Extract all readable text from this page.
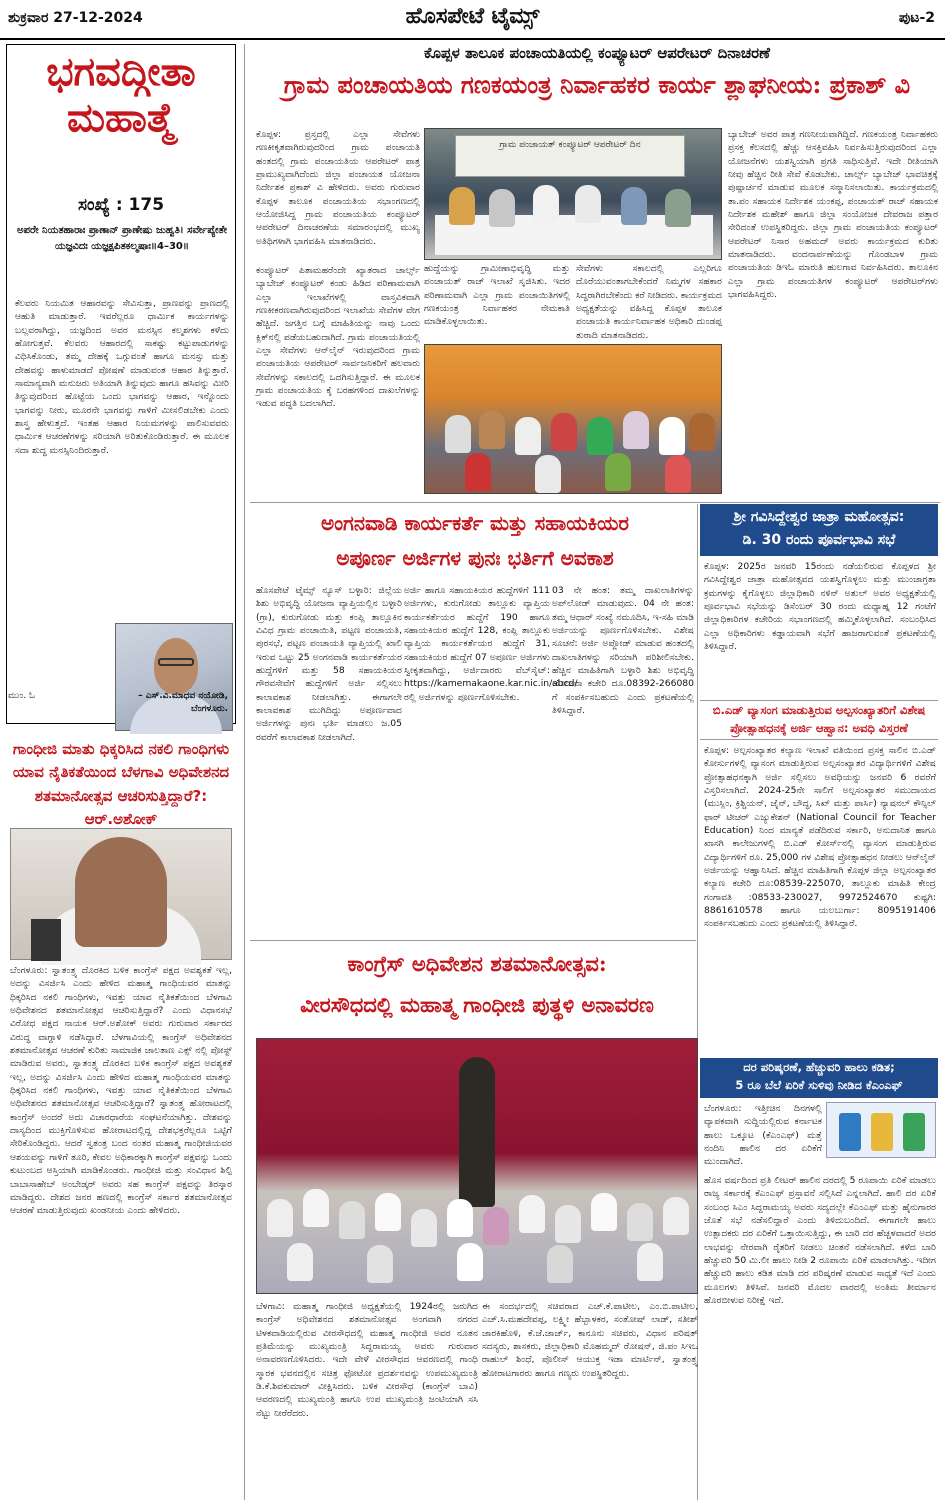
ಶುಕ್ರವಾರ 27-12-2024	ಹೊಸಪೇಟೆ ಟೈಮ್ಸ್	ಪುಟ-2
ಭಗವದ್ಗೀತಾ
ಮಹಾತ್ಮೆ
ಸಂಖ್ಯೆ : 175
ಅಪರೇ ನಿಯತಹಾರಾಃ ಪ್ರಾಣಾನ್ ಪ್ರಾಣೇಷು ಜುಹ್ವತಿ। ಸರ್ವೇಪ್ಯೇತೇ ಯಜ್ಞವಿದಃ ಯಜ್ಞಕ್ಷಪಿತಕಲ್ಮಷಾಃ॥4–30॥
ಕೆಲವರು ನಿಯಮಿತ ಆಹಾರವನ್ನು ಸೇವಿಸುತ್ತಾ, ಪ್ರಾಣವನ್ನು ಪ್ರಾಣದಲ್ಲಿ ಆಹುತಿ ಮಾಡುತ್ತಾರೆ. ಇವರೆಲ್ಲರೂ ಧಾರ್ಮಿಕ ಕಾರ್ಯಗಳನ್ನು ಬಲ್ಲವರಾಗಿದ್ದು, ಯಜ್ಞದಿಂದ ಅವರ ಮನಸ್ಸಿನ ಕಲ್ಮಶಗಳು ಕಳೆದು ಹೋಗುತ್ತವೆ. ಕೆಲವರು ಆಹಾರದಲ್ಲಿ ಸಾಕಷ್ಟು ಕಟ್ಟುಪಾಡುಗಳನ್ನು ವಿಧಿಸಿಕೊಂಡು, ತಮ್ಮ ದೇಹಕ್ಕೆ ಒಗ್ಗುವಂತೆ ಹಾಗೂ ಮನಸ್ಸು ಮತ್ತು ದೇಹವನ್ನು ಹಾಳುಮಾಡದೆ ಪೋಷಣೆ ಮಾಡುವಂತ ಆಹಾರ ತಿನ್ನುತ್ತಾರೆ. ಸಾಮಾನ್ಯವಾಗಿ ಮನುಜರು ಅತಿಯಾಗಿ ತಿನ್ನುವುದು ಹಾಗೂ ಹಸಿವನ್ನು ಮೀರಿ ತಿನ್ನುವುದರಿಂದ ಹೊಟ್ಟೆಯ ಒಂದು ಭಾಗವನ್ನು ಆಹಾರ, ಇನ್ನೊಂದು ಭಾಗವನ್ನು ನೀರು, ಮೂರನೇ ಭಾಗವನ್ನು ಗಾಳಿಗೆ ಮೀಸಲಿಡಬೇಕು ಎಂದು ಶಾಸ್ತ್ರ ಹೇಳುತ್ತದೆ. ಇಂತಹ ಆಹಾರ ನಿಯಮಗಳನ್ನು ಪಾಲಿಸುವವರು ಧಾರ್ಮಿಕ ಆಚರಣೆಗಳನ್ನು ಸರಿಯಾಗಿ ಅರಿತುಕೊಂಡಿರುತ್ತಾರೆ. ಈ ಮೂಲಕ ಸದಾ ಶುದ್ಧ ಮನಸ್ಸಿನಿಂದಿರುತ್ತಾರೆ.
ಮುಂ. ಓ	– ಎಸ್.ವಿ.ಮಾಧವ ನಯೋಡಿ,
ಬೆಂಗಳೂರು.
ಗಾಂಧೀಜಿ ಮಾತು ಧಿಕ್ಕರಿಸಿದ ನಕಲಿ ಗಾಂಧಿಗಳು ಯಾವ ನೈತಿಕತೆಯಿಂದ ಬೆಳಗಾವಿ ಅಧಿವೇಶನದ ಶತಮಾನೋತ್ಸವ ಆಚರಿಸುತ್ತಿದ್ದಾರೆ?: ಆರ್.ಅಶೋಕ್
ಬೆಂಗಳೂರು: ಸ್ವಾತಂತ್ರ್ಯ ದೊರಕಿದ ಬಳಿಕ ಕಾಂಗ್ರೆಸ್ ಪಕ್ಷದ ಅವಶ್ಯಕತೆ ಇಲ್ಲ, ಅದನ್ನು ವಿಸರ್ಜಿಸಿ ಎಂದು ಹೇಳಿದ ಮಹಾತ್ಮ ಗಾಂಧಿಯವರ ಮಾತನ್ನು ಧಿಕ್ಕರಿಸಿದ ನಕಲಿ ಗಾಂಧಿಗಳು, ಇವತ್ತು ಯಾವ ನೈತಿಕತೆಯಿಂದ ಬೆಳಗಾವಿ ಅಧಿವೇಶನದ ಶತಮಾನೋತ್ಸವ ಆಚರಿಸುತ್ತಿದ್ದಾರೆ? ಎಂದು ವಿಧಾನಸಭೆ ವಿರೋಧ ಪಕ್ಷದ ನಾಯಕ ಆರ್.ಅಶೋಕ್ ಅವರು ಗುರುವಾರ ಸರ್ಕಾರದ ವಿರುದ್ಧ ವಾಗ್ದಾಳಿ ನಡೆಸಿದ್ದಾರೆ. ಬೆಳಗಾವಿಯಲ್ಲಿ ಕಾಂಗ್ರೆಸ್ ಅಧಿವೇಶನದ ಶತಮಾನೋತ್ಸವ ಆಚರಣೆ ಕುರಿತು ಸಾಮಾಜಿಕ ಜಾಲತಾಣ ಎಕ್ಸ್ ನಲ್ಲಿ ಪೋಸ್ಟ್ ಮಾಡಿರುವ ಅವರು, ಸ್ವಾತಂತ್ರ್ಯ ದೊರಕಿದ ಬಳಿಕ ಕಾಂಗ್ರೆಸ್ ಪಕ್ಷದ ಅವಶ್ಯಕತೆ ಇಲ್ಲ, ಅದನ್ನು ವಿಸರ್ಜಿಸಿ ಎಂದು ಹೇಳಿದ ಮಹಾತ್ಮ ಗಾಂಧಿಯವರ ಮಾತನ್ನು ಧಿಕ್ಕರಿಸಿದ ನಕಲಿ ಗಾಂಧಿಗಳು, ಇವತ್ತು ಯಾವ ನೈತಿಕತೆಯಿಂದ ಬೆಳಗಾವಿ ಅಧಿವೇಶನದ ಶತಮಾನೋತ್ಸವ ಆಚರಿಸುತ್ತಿದ್ದಾರೆ? ಸ್ವಾತಂತ್ರ್ಯ ಹೋರಾಟದಲ್ಲಿ ಕಾಂಗ್ರೆಸ್ ಅಂದರೆ ಅದು ವಿಚಾರಧಾರೆಯ ಸಂಘಟನೆಯಾಗಿತ್ತು. ದೇಶವನ್ನು ದಾಸ್ಯದಿಂದ ಮುಕ್ತಿಗೊಳಿಸುವ ಹೋರಾಟದಲ್ಲಿದ್ದ ದೇಶಭಕ್ತರೆಲ್ಲರೂ ಒಟ್ಟಿಗೆ ಸೇರಿಕೊಂಡಿದ್ದರು. ಆದರೆ ಸ್ವತಂತ್ರ ಬಂದ ನಂತರ ಮಹಾತ್ಮ ಗಾಂಧೀಜಿಯವರ ಆಶಯವನ್ನು ಗಾಳಿಗೆ ತೂರಿ, ಕೇವಲ ಅಧಿಕಾರಕ್ಕಾಗಿ ಕಾಂಗ್ರೆಸ್ ಪಕ್ಷವನ್ನು ಒಂದು ಕುಟುಂಬದ ಆಸ್ತಿಯಾಗಿ ಮಾಡಿಕೊಂಡರು. ಗಾಂಧೀಜಿ ಮತ್ತು ಸಂವಿಧಾನ ಶಿಲ್ಪಿ ಬಾಬಾಸಾಹೇಬ್ ಅಂಬೇಡ್ಕರ್ ಅವರು ಸಹ ಕಾಂಗ್ರೆಸ್ ಪಕ್ಷವನ್ನು ತಿರಸ್ಕಾರ ಮಾಡಿದ್ದರು. ದೇಶದ ಜನರ ಹಣದಲ್ಲಿ ಕಾಂಗ್ರೆಸ್ ಸರ್ಕಾರ ಶತಮಾನೋತ್ಸವ ಆಚರಣೆ ಮಾಡುತ್ತಿರುವುದು ಖಂಡನೀಯ ಎಂದು ಹೇಳಿದರು.
ಕೊಪ್ಪಳ ತಾಲೂಕ ಪಂಚಾಯತಿಯಲ್ಲಿ ಕಂಪ್ಯೂಟರ್ ಆಪರೇಟರ್ ದಿನಾಚರಣೆ
ಗ್ರಾಮ ಪಂಚಾಯತಿಯ ಗಣಕಯಂತ್ರ ನಿರ್ವಾಹಕರ ಕಾರ್ಯ ಶ್ಲಾಘನೀಯ: ಪ್ರಕಾಶ್ ವಿ
ಕೊಪ್ಪಳ: ಪ್ರಸ್ತದಲ್ಲಿ ಎಲ್ಲಾ ಸೇವೆಗಳು ಗಣಕೀಕೃತವಾಗಿರುವುದರಿಂದ ಗ್ರಾಮ ಪಂಚಾಯತಿ ಹಂತದಲ್ಲಿ ಗ್ರಾಮ ಪಂಚಾಯತಿಯ ಆಪರೇಟರ್ ಪಾತ್ರ ಪ್ರಾಮುಖ್ಯವಾಗಿದೆಂದು ಜಿಲ್ಲಾ ಪಂಚಾಯತ ಯೋಜನಾ ನಿರ್ದೇಶಕ ಪ್ರಕಾಶ್ ವಿ ಹೇಳಿದರು. ಅವರು ಗುರುವಾರ ಕೊಪ್ಪಳ ತಾಲೂಕ ಪಂಚಾಯತಿಯ ಸಭಾಂಗಣದಲ್ಲಿ ಆಯೋಜಿಸಿದ್ದ ಗ್ರಾಮ ಪಂಚಾಯತಿಯ ಕಂಪ್ಯೂಟರ್ ಆಪರೇಟರ್ ದಿನಾಚರಣೆಯ ಸಮಾರಂಭದಲ್ಲಿ ಮುಖ್ಯ ಅತಿಥಿಗಳಾಗಿ ಭಾಗವಹಿಸಿ ಮಾತನಾಡಿದರು.
ಗ್ರಾಮ ಪಂಚಾಯತ್ ಕಂಪ್ಯೂಟರ್ ಆಪರೇಟರ್ ದಿನ
ಕಂಪ್ಯೂಟರ್ ಪಿತಾಮಹರೆಂದೇ ಖ್ಯಾತರಾದ ಚಾರ್ಲ್ಸ್ ಬ್ಯಾಬೇಜ್ ಕಂಪ್ಯೂಟರ್ ಕಂಡು ಹಿಡಿದ ಪರಿಣಾಮವಾಗಿ ಎಲ್ಲಾ ಇಲಾಖೆಗಳಲ್ಲಿ ವಾಸ್ತವಿಕವಾಗಿ ಗಣಕೀಕರಣವಾಗಿರುವುದರಿಂದ ಇಲಾಖೆಯ ಸೇವೆಗಳ ವೇಗ ಹೆಚ್ಚಿದೆ. ಜಗತ್ತಿನ ಬಗ್ಗೆ ಮಾಹಿತಿಯನ್ನು ನಾವು ಒಂದು ಕ್ಲಿಕ್‌ನಲ್ಲಿ ಪಡೆಯಬಹುದಾಗಿದೆ. ಗ್ರಾಮ ಪಂಚಾಯತಿಯಲ್ಲಿ ಎಲ್ಲಾ ಸೇವೆಗಳು ಆನ್‌ಲೈನ್ ಇರುವುದರಿಂದ ಗ್ರಾಮ ಪಂಚಾಯತಿಯ ಆಪರೇಟರ್ ಸಾರ್ವಜನಿಕರಿಗೆ ಹಲವಾರು ಸೇವೆಗಳನ್ನು ಸಕಾಲದಲ್ಲಿ ಒದಗಿಸುತ್ತಿದ್ದಾರೆ. ಈ ಮೂಲಕ ಗ್ರಾಮ ಪಂಚಾಯತಿಯ ಕೈ ಬರಹಗಳಿಂದ ದಾಖಲೆಗಳನ್ನು ಇಡುವ ಪದ್ಧತಿ ಬದಲಾಗಿದೆ.
ಹುದ್ದೆಯನ್ನು ಗ್ರಾಮೀಣಾಭಿವೃದ್ಧಿ ಮತ್ತು ಪಂಚಾಯತ್ ರಾಜ್ ಇಲಾಖೆ ಸೃಜಿಸಿತು. ಇದರ ಪರಿಣಾಮವಾಗಿ ಎಲ್ಲಾ ಗ್ರಾಮ ಪಂಚಾಯಿತಿಗಳಲ್ಲಿ ಗಣಕಯಂತ್ರ ನಿರ್ವಾಹಕರ ನೇಮಕಾತಿ ಮಾಡಿಕೊಳ್ಳಲಾಯಿತು.
ಸೇವೆಗಳು ಸಕಾಲದಲ್ಲಿ ಎಲ್ಲರಿಗೂ ದೊರೆಯುವಂತಾಗಬೇಕೆಂದರೆ ನಿಮ್ಮಗಳ ಸಹಕಾರ ಸಿದ್ಧರಾಗಿರಬೇಕೆಂದು ಕರೆ ನೀಡಿದರು. ಕಾರ್ಯಕ್ರಮದ ಅಧ್ಯಕ್ಷತೆಯನ್ನು ವಹಿಸಿದ್ದ ಕೊಪ್ಪಳ ತಾಲೂಕ ಪಂಚಾಯತಿ ಕಾರ್ಯನಿರ್ವಾಹಕ ಅಧಿಕಾರಿ ದುಂಡಪ್ಪ ತುರಾದಿ ಮಾತನಾಡಿದರು.
ಬ್ಯಾಬೇಜ್ ಅವರ ಪಾತ್ರ ಗಣನೀಯವಾಗಿದ್ದಿದೆ. ಗಣಕಯಂತ್ರ ನಿರ್ವಾಹಕರು ಪ್ರಸಕ್ತ ಕೆಲಸದಲ್ಲಿ ಹೆಚ್ಚು ಆಸಕ್ತಿವಹಿಸಿ ನಿರ್ವಹಿಸುತ್ತಿರುವುದರಿಂದ ಎಲ್ಲಾ ಯೋಜನೆಗಳು ಯಶಸ್ವಿಯಾಗಿ ಪ್ರಗತಿ ಸಾಧಿಸುತ್ತಿವೆ. ಇದೇ ರೀತಿಯಾಗಿ ನೀವು ಹೆಚ್ಚಿನ ರೀತಿ ಸೇವೆ ಕೊಡಬೇಕು. ಚಾರ್ಲ್ಸ್ ಬ್ಯಾಬೇಜ್ ಭಾವಚಿತ್ರಕ್ಕೆ ಪುಷ್ಪಾರ್ಚನೆ ಮಾಡುವ ಮೂಲಕ ಸನ್ಮಾನಿಸಲಾಯಿತು. ಕಾರ್ಯಕ್ರಮದಲ್ಲಿ ತಾ.ಪಂ ಸಹಾಯಕ ನಿರ್ದೇಶಕ ಯಂಕಪ್ಪ, ಪಂಚಾಯತ್ ರಾಜ್ ಸಹಾಯಕ ನಿರ್ದೇಶಕ ಮಹೇಶ್ ಹಾಗೂ ಜಿಲ್ಲಾ ಸಂಯೋಜಕ ದೇವರಾಜ ಪತ್ತಾರ ಸೇರಿದಂತೆ ಉಪಸ್ಥಿತರಿದ್ದರು. ಜಿಲ್ಲಾ ಗ್ರಾಮ ಪಂಚಾಯತಿಯ ಕಂಪ್ಯೂಟರ್ ಆಪರೇಟರ್ ನಿಸಾರ ಅಹಮದ್ ಅವರು ಕಾರ್ಯಕ್ರಮದ ಕುರಿತು ಮಾತನಾಡಿದರು. ವಂದನಾರ್ಪಣೆಯನ್ನು ಗೊಂಡಬಾಳ ಗ್ರಾಮ ಪಂಚಾಯತಿಯ ಡಿಇಓ ಮಾರುತಿ ಹುಲಗಾವ ನಿರ್ವಹಿಸಿದರು. ತಾಲೂಕಿನ ಎಲ್ಲಾ ಗ್ರಾಮ ಪಂಚಾಯತಿಗಳ ಕಂಪ್ಯೂಟರ್ ಆಪರೇಟರ್‌ಗಳು ಭಾಗವಹಿಸಿದ್ದರು.
ಅಂಗನವಾಡಿ ಕಾರ್ಯಕರ್ತೆ ಮತ್ತು ಸಹಾಯಕಿಯರ
ಅಪೂರ್ಣ ಅರ್ಜಿಗಳ ಪುನಃ ಭರ್ತಿಗೆ ಅವಕಾಶ
ಹೊಸಪೇಟೆ ಟೈಮ್ಸ್ ನ್ಯೂಸ್ ಬಳ್ಳಾರಿ: ಜಿಲ್ಲೆಯ ಶಿಶು ಅಭಿವೃದ್ಧಿ ಯೋಜನಾ ವ್ಯಾಪ್ತಿಯಲ್ಲಿನ ಬಳ್ಳಾರಿ (ಗ್ರಾ), ಕುರುಗೋಡು ಮತ್ತು ಕಂಪ್ಲಿ ತಾಲ್ಲೂಕಿನ ವಿವಿಧ ಗ್ರಾಮ ಪಂಚಾಯಿತಿ, ಪಟ್ಟಣ ಪಂಚಾಯತಿ, ಪುರಸಭೆ, ಪಟ್ಟಣ ಪಂಚಾಯತಿ ವ್ಯಾಪ್ತಿಯಲ್ಲಿ ಖಾಲಿ ಇರುವ ಒಟ್ಟು 25 ಅಂಗನವಾಡಿ ಕಾರ್ಯಕರ್ತೆಯರ ಹುದ್ದೆಗಳಿಗೆ ಮತ್ತು 58 ಸಹಾಯಕಿಯರ ಗೌರವಸೇವೆಗೆ ಹುದ್ದೆಗಳಿಗೆ ಅರ್ಜಿ ಸಲ್ಲಿಸಲು ಕಾಲಾವಕಾಶ ನೀಡಲಾಗಿತ್ತು. ಈಗಾಗಲೇ ಕಾಲಾವಕಾಶ ಮುಗಿದಿದ್ದು ಅಪೂರ್ಣವಾದ ಅರ್ಜಿಗಳನ್ನು ಪುನಃ ಭರ್ತಿ ಮಾಡಲು ಜ.05 ರವರೆಗೆ ಕಾಲಾವಕಾಶ ನೀಡಲಾಗಿದೆ.
ಅರ್ಜಿ ಹಾಗೂ ಸಹಾಯಕಿಯರ ಹುದ್ದೆಗಳಿಗೆ 111 ಅರ್ಜಿಗಳು, ಕುರುಗೋಡು ತಾಲ್ಲೂಕು ವ್ಯಾಪ್ತಿಯ ಕಾರ್ಯಕರ್ತೆಯರ ಹುದ್ದೆಗೆ 190 ಹಾಗೂ ಸಹಾಯಕಿಯರ ಹುದ್ದೆಗೆ 128, ಕಂಪ್ಲಿ ತಾಲ್ಲೂಕು ವ್ಯಾಪ್ತಿಯ ಕಾರ್ಯಕರ್ತೆಯರ ಹುದ್ದೆಗೆ 31, ಸಹಾಯಕಿಯರ ಹುದ್ದೆಗೆ 07 ಅಪೂರ್ಣ ಅರ್ಜಿಗಳು ಸ್ವೀಕೃತವಾಗಿದ್ದು, ಅರ್ಜಿದಾರರು ವೆಬ್‌ಸೈಟ್: https://kamemakaone.kar.nic.in/abcd/ ರಲ್ಲಿ ಅರ್ಜಿಗಳನ್ನು ಪೂರ್ಣಗೊಳಿಸಬೇಕು.
03 ನೇ ಹಂತ: ತಮ್ಮ ದಾಖಲಾತಿಗಳನ್ನು ಅಪ್‌ಲೋಡ್ ಮಾಡುವುದು. 04 ನೇ ಹಂತ: ತಮ್ಮ ಆಧಾರ್ ಸಂಖ್ಯೆ ನಮೂದಿಸಿ, ಇ-ಸಹಿ ಮಾಡಿ ಅರ್ಜಿಯನ್ನು ಪೂರ್ಣಗೊಳಿಸಬೇಕು. ವಿಶೇಷ ಸೂಚನೆ: ಅರ್ಜಿ ಅಪ್ಲೋಡ್ ಮಾಡುವ ಹಂತದಲ್ಲಿ ದಾಖಲಾತಿಗಳನ್ನು ಸರಿಯಾಗಿ ಪರಿಶೀಲಿಸಬೇಕು. ಹೆಚ್ಚಿನ ಮಾಹಿತಿಗಾಗಿ ಬಳ್ಳಾರಿ ಶಿಶು ಅಭಿವೃದ್ಧಿ ಯೋಜನಾ ಕಚೇರಿ ದೂ.08392-266080 ಗೆ ಸಂಪರ್ಕಿಸಬಹುದು ಎಂದು ಪ್ರಕಟಣೆಯಲ್ಲಿ ತಿಳಿಸಿದ್ದಾರೆ.
ಶ್ರೀ ಗವಿಸಿದ್ದೇಶ್ವರ ಜಾತ್ರಾ ಮಹೋತ್ಸವ:
ಡಿ. 30 ರಂದು ಪೂರ್ವಭಾವಿ ಸಭೆ
ಕೊಪ್ಪಳ: 2025ರ ಜನವರಿ 15ರಂದು ನಡೆಯಲಿರುವ ಕೊಪ್ಪಳದ ಶ್ರೀ ಗವಿಸಿದ್ದೇಶ್ವರ ಜಾತ್ರಾ ಮಹೋತ್ಸವದ ಯಶಸ್ವಿಗೊಳ್ಳಲು ಮತ್ತು ಮುಂಜಾಗ್ರತಾ ಕ್ರಮಗಳನ್ನು ಕೈಗೊಳ್ಳಲು ಜಿಲ್ಲಾಧಿಕಾರಿ ನಳಿನ್ ಅತುಲ್ ಅವರ ಅಧ್ಯಕ್ಷತೆಯಲ್ಲಿ ಪೂರ್ವಭಾವಿ ಸಭೆಯನ್ನು ಡಿಸೆಂಬರ್ 30 ರಂದು ಮಧ್ಯಾಹ್ನ 12 ಗಂಟೆಗೆ ಜಿಲ್ಲಾಧಿಕಾರಿಗಳ ಕಚೇರಿಯ ಸಭಾಂಗಣದಲ್ಲಿ ಹಮ್ಮಿಕೊಳ್ಳಲಾಗಿದೆ. ಸಂಬಂಧಿಸಿದ ಎಲ್ಲಾ ಅಧಿಕಾರಿಗಳು ಕಡ್ಡಾಯವಾಗಿ ಸಭೆಗೆ ಹಾಜರಾಗುವಂತೆ ಪ್ರಕಟಣೆಯಲ್ಲಿ ತಿಳಿಸಿದ್ದಾರೆ.
ಬಿ.ಎಡ್ ವ್ಯಾಸಂಗ ಮಾಡುತ್ತಿರುವ ಅಲ್ಪಸಂಖ್ಯಾತರಿಗೆ ವಿಶೇಷ
ಪ್ರೋತ್ಸಾಹಧನಕ್ಕೆ ಅರ್ಜಿ ಆಹ್ವಾನ: ಅವಧಿ ವಿಸ್ತರಣೆ
ಕೊಪ್ಪಳ: ಅಲ್ಪಸಂಖ್ಯಾತರ ಕಲ್ಯಾಣ ಇಲಾಖೆ ವತಿಯಿಂದ ಪ್ರಸಕ್ತ ಸಾಲಿನ ಬಿ.ಎಡ್ ಕೋರ್ಸುಗಳಲ್ಲಿ ವ್ಯಾಸಂಗ ಮಾಡುತ್ತಿರುವ ಅಲ್ಪಸಂಖ್ಯಾತರ ವಿದ್ಯಾರ್ಥಿಗಳಿಗೆ ವಿಶೇಷ ಪ್ರೋತ್ಸಾಹಧನಕ್ಕಾಗಿ ಅರ್ಜಿ ಸಲ್ಲಿಸಲು ಅವಧಿಯನ್ನು ಜನವರಿ 6 ರವರೆಗೆ ವಿಸ್ತರಿಸಲಾಗಿದೆ. 2024-25ನೇ ಸಾಲಿಗೆ ಅಲ್ಪಸಂಖ್ಯಾತರ ಸಮುದಾಯದ (ಮುಸ್ಲಿಂ, ಕ್ರಿಶ್ಚಿಯನ್, ಜೈನ್, ಬೌದ್ಧ, ಸಿಖ್ ಮತ್ತು ಪಾರ್ಸಿ) ನ್ಯಾಷನಲ್ ಕೌನ್ಸಿಲ್ ಫಾರ್ ಟೀಚರ್ ಎಜ್ಯುಕೇಶನ್ (National Council for Teacher Education) ನಿಂದ ಮಾನ್ಯತೆ ಪಡೆದಿರುವ ಸರ್ಕಾರಿ, ಅನುದಾನಿತ ಹಾಗೂ ಖಾಸಗಿ ಕಾಲೇಜುಗಳಲ್ಲಿ ಬಿ.ಎಡ್ ಕೋರ್ಸ್‌ನಲ್ಲಿ ವ್ಯಾಸಂಗ ಮಾಡುತ್ತಿರುವ ವಿದ್ಯಾರ್ಥಿಗಳಿಗೆ ರೂ. 25,000 ಗಳ ವಿಶೇಷ ಪ್ರೋತ್ಸಾಹಧನ ನೀಡಲು ಆನ್‌ಲೈನ್ ಅರ್ಜಿಯನ್ನು ಆಹ್ವಾನಿಸಿದೆ. ಹೆಚ್ಚಿನ ಮಾಹಿತಿಗಾಗಿ ಕೊಪ್ಪಳ ಜಿಲ್ಲಾ ಅಲ್ಪಸಂಖ್ಯಾತರ ಕಲ್ಯಾಣ ಕಚೇರಿ ದೂ:08539-225070, ತಾಲ್ಲೂಕು ಮಾಹಿತಿ ಕೇಂದ್ರ ಗಂಗಾವತಿ :08533-230027, 9972524670 ಕುಷ್ಟಗಿ: 8861610578 ಹಾಗೂ ಯಲಬುರ್ಗಾ: 8095191406 ಸಂಪರ್ಕಿಸಬಹುದು ಎಂದು ಪ್ರಕಟಣೆಯಲ್ಲಿ ತಿಳಿಸಿದ್ದಾರೆ.
ದರ ಪರಿಷ್ಕರಣೆ, ಹೆಚ್ಚುವರಿ ಹಾಲು ಕಡಿತ;
5 ರೂ ಬೆಲೆ ಏರಿಕೆ ಸುಳಿವು ನೀಡಿದ ಕೆಎಂಎಫ್
ಬೆಂಗಳೂರು: ಇತ್ತೀಚಿನ ದಿನಗಳಲ್ಲಿ ವ್ಯಾಪಕವಾಗಿ ಸುದ್ದಿಯಲ್ಲಿರುವ ಕರ್ನಾಟಕ ಹಾಲು ಒಕ್ಕೂಟ (ಕೆಎಂಎಫ್) ಮತ್ತೆ ನಂದಿನಿ ಹಾಲಿನ ದರ ಏರಿಕೆಗೆ ಮುಂದಾಗಿದೆ.
ಹೊಸ ವರ್ಷದಿಂದ ಪ್ರತಿ ಲೀಟರ್ ಹಾಲಿನ ದರದಲ್ಲಿ 5 ರೂಪಾಯಿ ಏರಿಕೆ ಮಾಡಲು ರಾಜ್ಯ ಸರ್ಕಾರಕ್ಕೆ ಕೆಎಂಎಫ್ ಪ್ರಸ್ತಾವನೆ ಸಲ್ಲಿಸಿದೆ ಎನ್ನಲಾಗಿದೆ. ಹಾಲಿ ದರ ಏರಿಕೆ ಸಂಬಂಧ ಸಿಎಂ ಸಿದ್ದರಾಮಯ್ಯ ಅವರು ಸದ್ಯದಲ್ಲೇ ಕೆಎಂಎಫ್ ಮತ್ತು ಹೈನುಗಾರರ ಜೊತೆ ಸಭೆ ನಡೆಸಲಿದ್ದಾರೆ ಎಂದು ತಿಳಿದುಬಂದಿದೆ. ಈಗಾಗಲೇ ಹಾಲು ಉತ್ಪಾದಕರು ದರ ಏರಿಕೆಗೆ ಒತ್ತಾಯಿಸುತ್ತಿದ್ದು, ಈ ಬಾರಿ ದರ ಹೆಚ್ಚಳವಾದರೆ ಅದರ ಲಾಭವನ್ನು ನೇರವಾಗಿ ರೈತರಿಗೆ ನೀಡಲು ಚಿಂತನೆ ನಡೆಸಲಾಗಿದೆ. ಕಳೆದ ಬಾರಿ ಹೆಚ್ಚುವರಿ 50 ಮಿ.ಲೀ ಹಾಲು ನೀಡಿ 2 ರೂಪಾಯಿ ಏರಿಕೆ ಮಾಡಲಾಗಿತ್ತು. ಇದೀಗ ಹೆಚ್ಚುವರಿ ಹಾಲು ಕಡಿತ ಮಾಡಿ ದರ ಪರಿಷ್ಕರಣೆ ಮಾಡುವ ಸಾಧ್ಯತೆ ಇದೆ ಎಂದು ಮೂಲಗಳು ತಿಳಿಸಿವೆ. ಜನವರಿ ಮೊದಲ ವಾರದಲ್ಲಿ ಅಂತಿಮ ತೀರ್ಮಾನ ಹೊರಬೀಳುವ ನಿರೀಕ್ಷೆ ಇದೆ.
ಕಾಂಗ್ರೆಸ್ ಅಧಿವೇಶನ ಶತಮಾನೋತ್ಸವ:
ವೀರಸೌಧದಲ್ಲಿ ಮಹಾತ್ಮ ಗಾಂಧೀಜಿ ಪುತ್ಥಳಿ ಅನಾವರಣ
ಬೆಳಗಾವಿ: ಮಹಾತ್ಮ ಗಾಂಧೀಜಿ ಅಧ್ಯಕ್ಷತೆಯಲ್ಲಿ 1924ರಲ್ಲಿ ಜರುಗಿದ ಕಾಂಗ್ರೆಸ್ ಅಧಿವೇಶನದ ಶತಮಾನೋತ್ಸವ ಅಂಗವಾಗಿ ನಗರದ ಟಿಳಕವಾಡಿಯಲ್ಲಿರುವ ವೀರಸೌಧದಲ್ಲಿ ಮಹಾತ್ಮ ಗಾಂಧೀಜಿ ಅವರ ನೂತನ ಪ್ರತಿಮೆಯನ್ನು ಮುಖ್ಯಮಂತ್ರಿ ಸಿದ್ದರಾಮಯ್ಯ ಅವರು ಗುರುವಾರ ಅನಾವರಣಗೊಳಿಸಿದರು. ಇದೇ ವೇಳೆ ವೀರಸೌಧದ ಆವರಣದಲ್ಲಿ ಗಾಂಧಿ ಸ್ಮಾರಕ ಭವನದಲ್ಲಿನ ಸಚಿತ್ರ ಫೋಟೋ ಪ್ರದರ್ಶನವನ್ನು ಉಪಮುಖ್ಯಮಂತ್ರಿ ಡಿ.ಕೆ.ಶಿವಕುಮಾರ್ ವೀಕ್ಷಿಸಿದರು. ಬಳಿಕ ವೀರಸೌಧ (ಕಾಂಗ್ರೆಸ್ ಬಾವಿ) ಆವರಣದಲ್ಲಿ ಮುಖ್ಯಮಂತ್ರಿ ಹಾಗೂ ಉಪ ಮುಖ್ಯಮಂತ್ರಿ ಜಂಟಿಯಾಗಿ ಸಸಿ ನೆಟ್ಟು ನೀರೆರೆದರು.
ಈ ಸಂದರ್ಭದಲ್ಲಿ ಸಚಿವರಾದ ಎಚ್.ಕೆ.ಪಾಟೀಲ, ಎಂ.ಬಿ.ಪಾಟೀಲ, ಎಚ್.ಸಿ.ಮಹದೇವಪ್ಪ, ಲಕ್ಷ್ಮೀ ಹೆಬ್ಬಾಳಕರ, ಸಂತೋಷ್ ಲಾಡ್, ಸತೀಶ್ ಜಾರಕಿಹೊಳಿ, ಕೆ.ಜೆ.ಜಾರ್ಜ್, ಕಾನೂನು ಸಚಿವರು, ವಿಧಾನ ಪರಿಷತ್ ಸದಸ್ಯರು, ಶಾಸಕರು, ಜಿಲ್ಲಾಧಿಕಾರಿ ಮೊಹಮ್ಮದ್ ರೋಷನ್, ಜಿ.ಪಂ ಸಿಇಒ ರಾಹುಲ್ ಶಿಂಧೆ, ಪೊಲೀಸ್ ಆಯುಕ್ತ ಇಡಾ ಮಾರ್ಟಿನ್, ಸ್ವಾತಂತ್ರ್ಯ ಹೋರಾಟಗಾರರು ಹಾಗೂ ಗಣ್ಯರು ಉಪಸ್ಥಿತರಿದ್ದರು.
